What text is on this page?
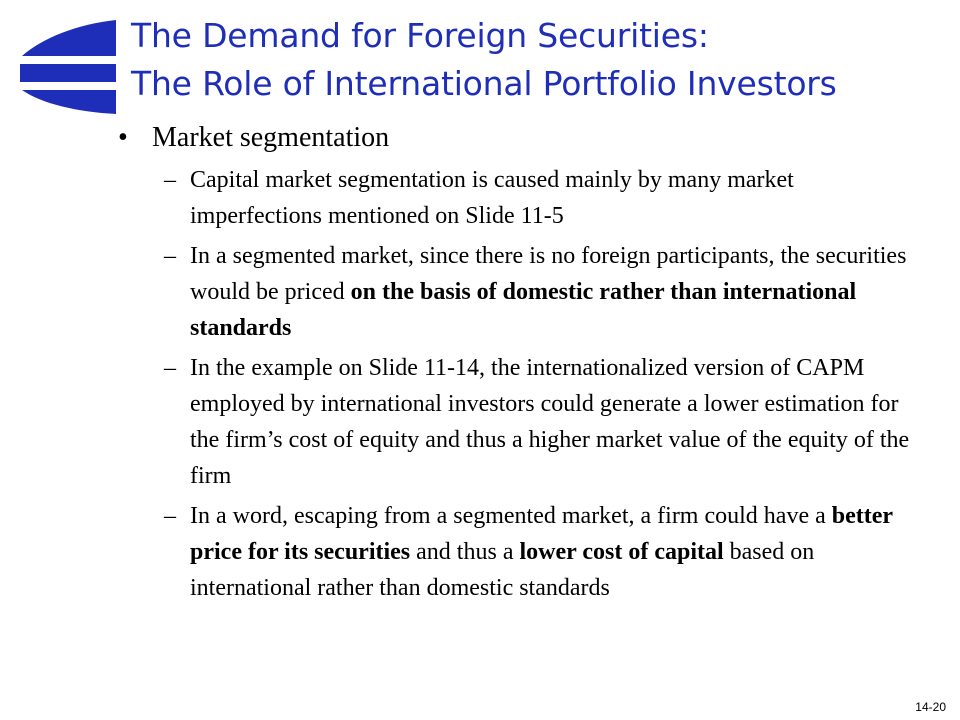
The Demand for Foreign Securities:
The Role of International Portfolio Investors
• Market segmentation
– Capital market segmentation is caused mainly by many market imperfections mentioned on Slide 11-5
– In a segmented market, since there is no foreign participants, the securities would be priced on the basis of domestic rather than international standards
– In the example on Slide 11-14, the internationalized version of CAPM employed by international investors could generate a lower estimation for the firm’s cost of equity and thus a higher market value of the equity of the firm
– In a word, escaping from a segmented market, a firm could have a better price for its securities and thus a lower cost of capital based on international rather than domestic standards
14-20
